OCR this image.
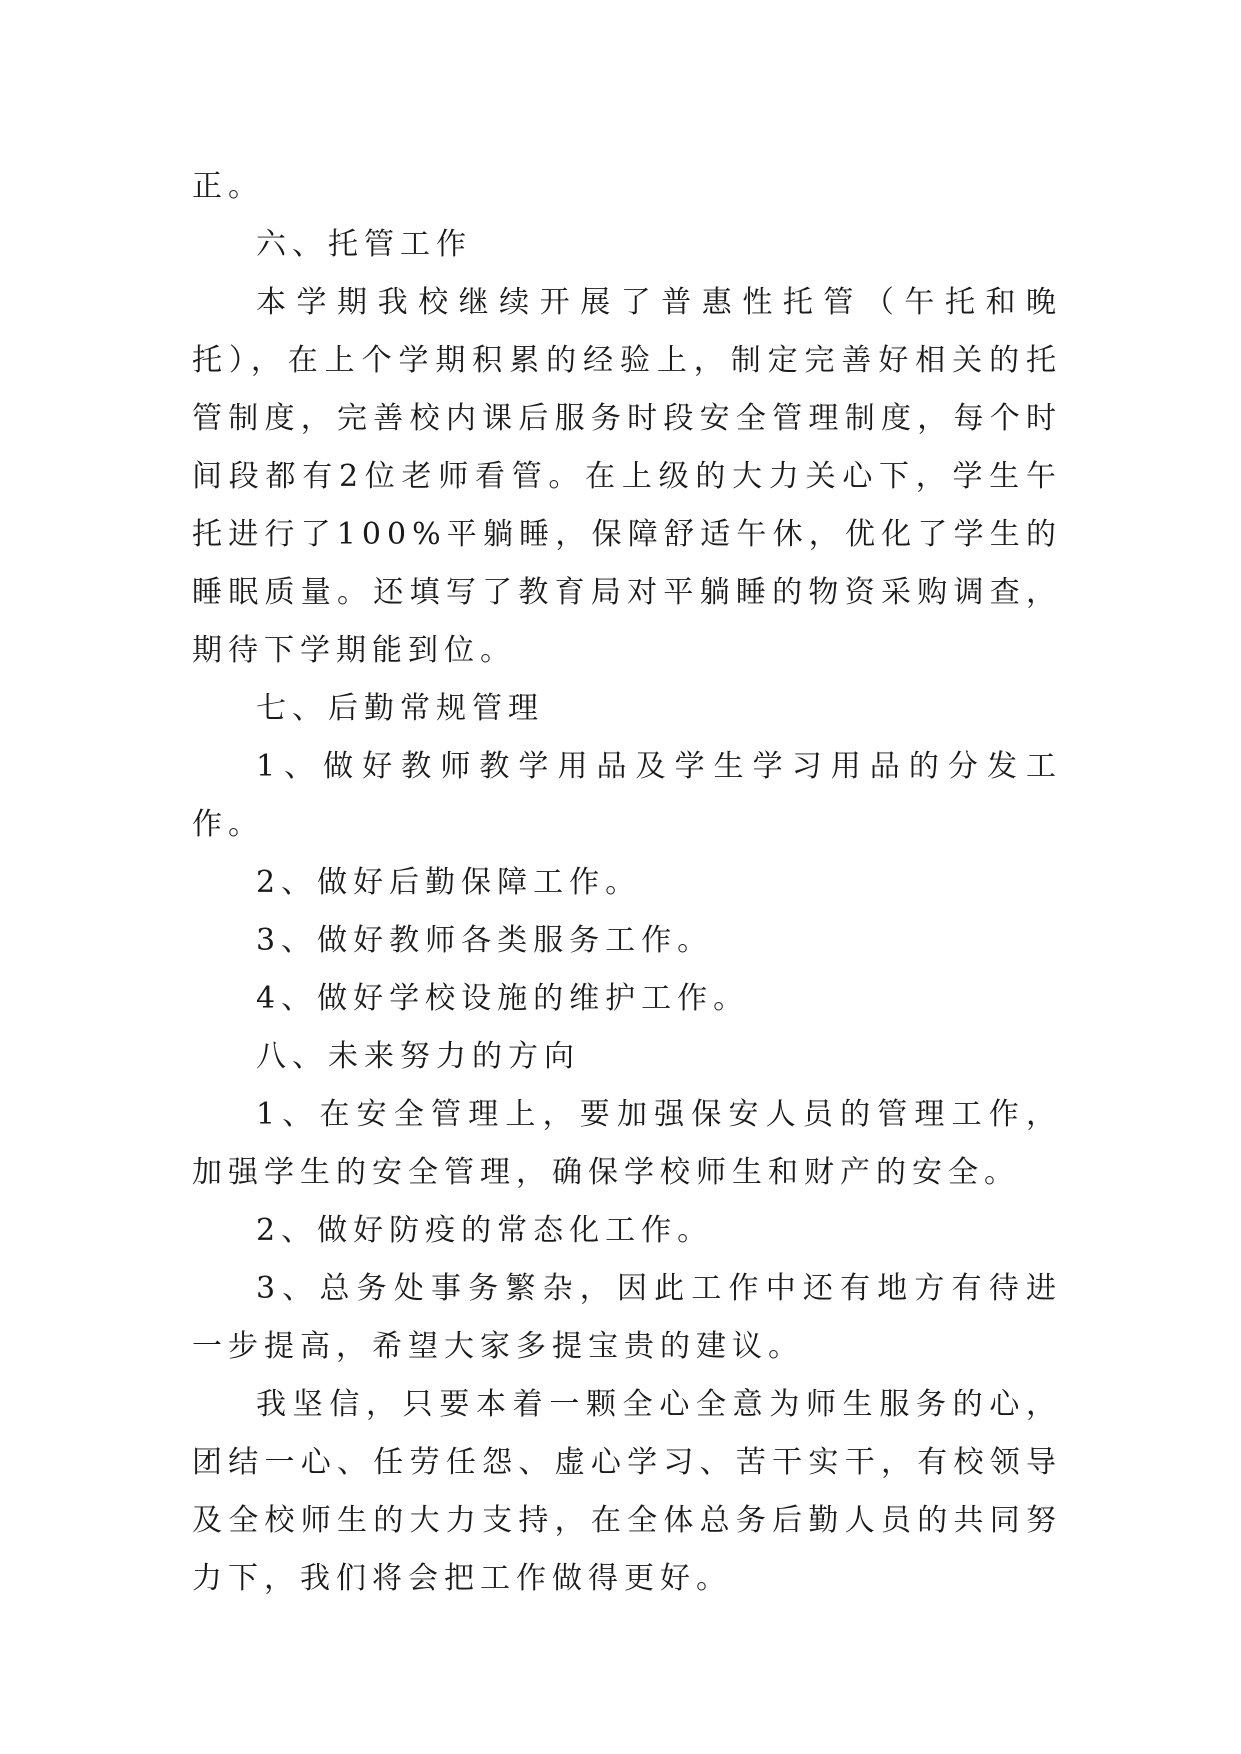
正。

六、托管工作

本学期我校继续开展了普惠性托管（午托和晚托），在上个学期积累的经验上，制定完善好相关的托管制度，完善校内课后服务时段安全管理制度，每个时间段都有2位老师看管。在上级的大力关心下，学生午托进行了100%平躺睡，保障舒适午休，优化了学生的睡眠质量。还填写了教育局对平躺睡的物资采购调查，期待下学期能到位。

七、后勤常规管理

1、做好教师教学用品及学生学习用品的分发工作。

2、做好后勤保障工作。

3、做好教师各类服务工作。

4、做好学校设施的维护工作。

八、未来努力的方向

1、在安全管理上，要加强保安人员的管理工作，加强学生的安全管理，确保学校师生和财产的安全。

2、做好防疫的常态化工作。

3、总务处事务繁杂，因此工作中还有地方有待进一步提高，希望大家多提宝贵的建议。

我坚信，只要本着一颗全心全意为师生服务的心，团结一心、任劳任怨、虚心学习、苦干实干，有校领导及全校师生的大力支持，在全体总务后勤人员的共同努力下，我们将会把工作做得更好。
